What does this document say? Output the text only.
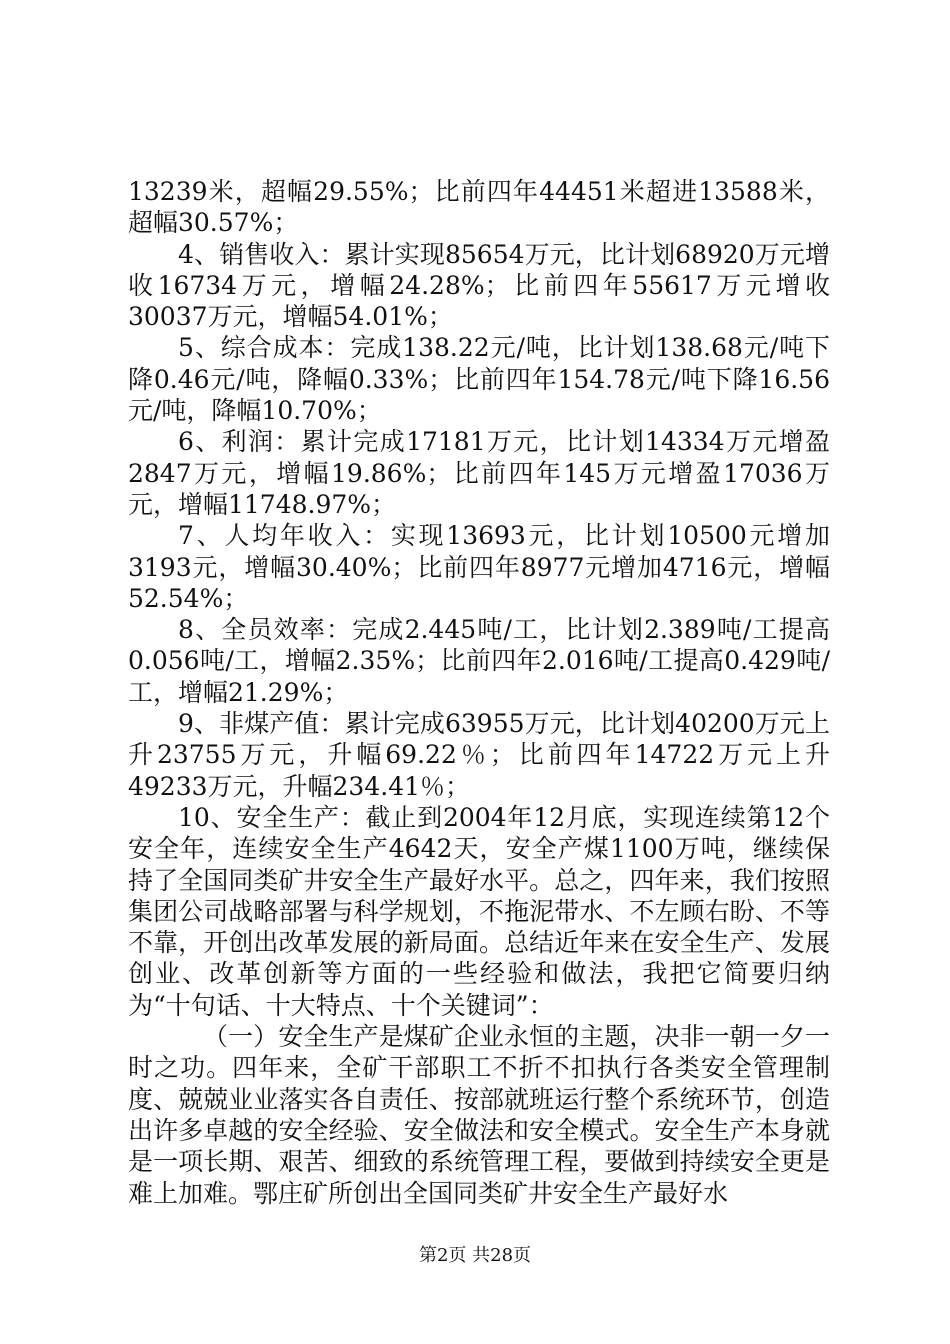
13239米，超幅29.55%；比前四年44451米超进13588米，超幅30.57%；

4、销售收入：累计实现85654万元，比计划68920万元增收16734万元，增幅24.28%；比前四年55617万元增收30037万元，增幅54.01%；

5、综合成本：完成138.22元/吨，比计划138.68元/吨下降0.46元/吨，降幅0.33%；比前四年154.78元/吨下降16.56元/吨，降幅10.70%；

6、利润：累计完成17181万元，比计划14334万元增盈2847万元，增幅19.86%；比前四年145万元增盈17036万元，增幅11748.97%；

7、人均年收入：实现13693元，比计划10500元增加3193元，增幅30.40%；比前四年8977元增加4716元，增幅52.54%；

8、全员效率：完成2.445吨/工，比计划2.389吨/工提高0.056吨/工，增幅2.35%；比前四年2.016吨/工提高0.429吨/工，增幅21.29%；

9、非煤产值：累计完成63955万元，比计划40200万元上升23755万元，升幅69.22％；比前四年14722万元上升49233万元，升幅234.41％；

10、安全生产：截止到2004年12月底，实现连续第12个安全年，连续安全生产4642天，安全产煤1100万吨，继续保持了全国同类矿井安全生产最好水平。总之，四年来，我们按照集团公司战略部署与科学规划，不拖泥带水、不左顾右盼、不等不靠，开创出改革发展的新局面。总结近年来在安全生产、发展创业、改革创新等方面的一些经验和做法，我把它简要归纳为“十句话、十大特点、十个关键词”：

（一）安全生产是煤矿企业永恒的主题，决非一朝一夕一时之功。四年来，全矿干部职工不折不扣执行各类安全管理制度、兢兢业业落实各自责任、按部就班运行整个系统环节，创造出许多卓越的安全经验、安全做法和安全模式。安全生产本身就是一项长期、艰苦、细致的系统管理工程，要做到持续安全更是难上加难。鄂庄矿所创出全国同类矿井安全生产最好水

第2页 共28页
